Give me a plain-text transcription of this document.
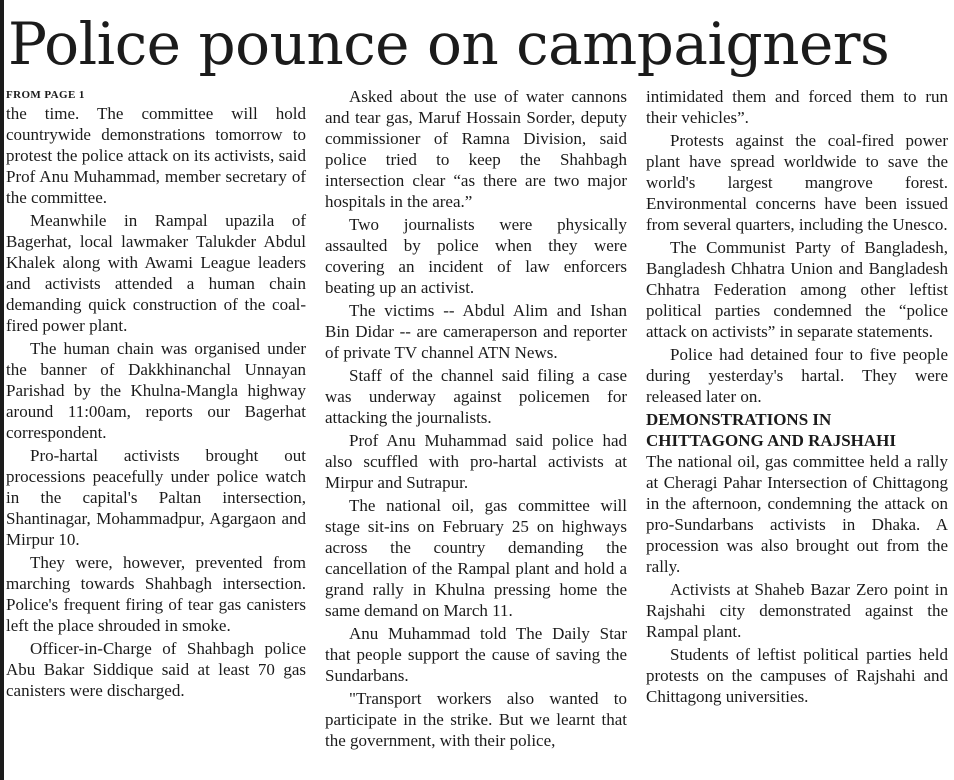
Police pounce on campaigners
FROM PAGE 1

the time. The committee will hold countrywide demonstrations tomorrow to protest the police attack on its activists, said Prof Anu Muhammad, member secretary of the committee.

Meanwhile in Rampal upazila of Bagerhat, local lawmaker Talukder Abdul Khalek along with Awami League leaders and activists attended a human chain demanding quick construction of the coal-fired power plant.

The human chain was organised under the banner of Dakkhinanchal Unnayan Parishad by the Khulna-Mangla highway around 11:00am, reports our Bagerhat correspondent.

Pro-hartal activists brought out processions peacefully under police watch in the capital's Paltan intersection, Shantinagar, Mohammadpur, Agargaon and Mirpur 10.

They were, however, prevented from marching towards Shahbagh intersection. Police's frequent firing of tear gas canisters left the place shrouded in smoke.

Officer-in-Charge of Shahbagh police Abu Bakar Siddique said at least 70 gas canisters were discharged.

Asked about the use of water cannons and tear gas, Maruf Hossain Sorder, deputy commissioner of Ramna Division, said police tried to keep the Shahbagh intersection clear “as there are two major hospitals in the area.”

Two journalists were physically assaulted by police when they were covering an incident of law enforcers beating up an activist.

The victims -- Abdul Alim and Ishan Bin Didar -- are cameraperson and reporter of private TV channel ATN News.

Staff of the channel said filing a case was underway against policemen for attacking the journalists.

Prof Anu Muhammad said police had also scuffled with pro-hartal activists at Mirpur and Sutrapur.

The national oil, gas committee will stage sit-ins on February 25 on highways across the country demanding the cancellation of the Rampal plant and hold a grand rally in Khulna pressing home the same demand on March 11.

Anu Muhammad told The Daily Star that people support the cause of saving the Sundarbans.

"Transport workers also wanted to participate in the strike. But we learnt that the government, with their police,

intimidated them and forced them to run their vehicles”.

Protests against the coal-fired power plant have spread worldwide to save the world's largest mangrove forest. Environmental concerns have been issued from several quarters, including the Unesco.

The Communist Party of Bangladesh, Bangladesh Chhatra Union and Bangladesh Chhatra Federation among other leftist political parties condemned the “police attack on activists” in separate statements.

Police had detained four to five people during yesterday's hartal. They were released later on.

DEMONSTRATIONS IN CHITTAGONG AND RAJSHAHI

The national oil, gas committee held a rally at Cheragi Pahar Intersection of Chittagong in the afternoon, condemning the attack on pro-Sundarbans activists in Dhaka. A procession was also brought out from the rally.

Activists at Shaheb Bazar Zero point in Rajshahi city demonstrated against the Rampal plant.

Students of leftist political parties held protests on the campuses of Rajshahi and Chittagong universities.
